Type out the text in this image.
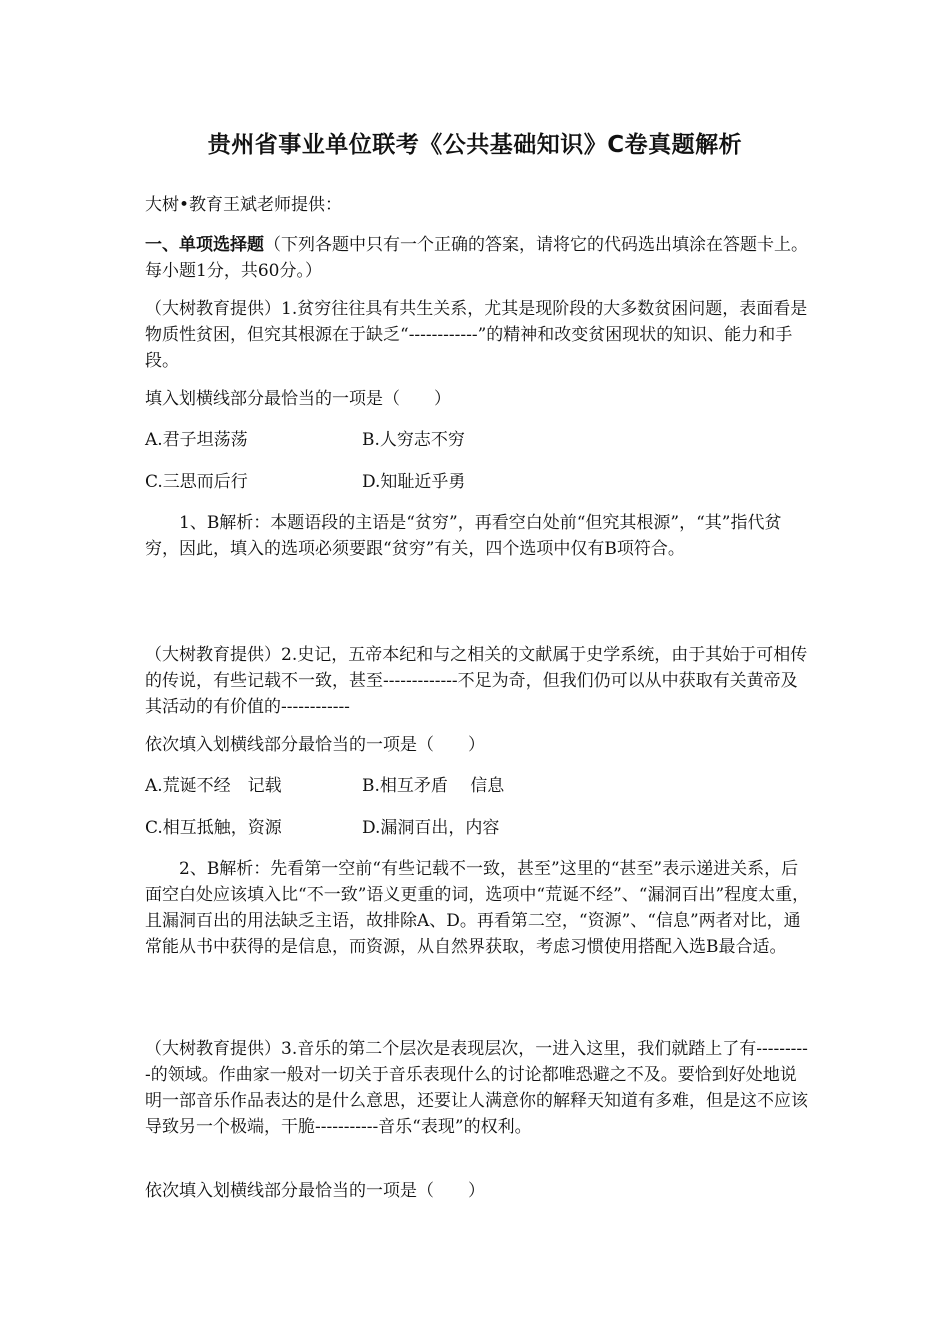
贵州省事业单位联考《公共基础知识》C卷真题解析

大树•教育王斌老师提供：

一、单项选择题（下列各题中只有一个正确的答案，请将它的代码选出填涂在答题卡上。每小题1分，共60分。）

（大树教育提供）1.贫穷往往具有共生关系，尤其是现阶段的大多数贫困问题，表面看是物质性贫困，但究其根源在于缺乏“------------”的精神和改变贫困现状的知识、能力和手段。

填入划横线部分最恰当的一项是（　　）

A.君子坦荡荡	B.人穷志不穷
C.三思而后行	D.知耻近乎勇

1、B解析：本题语段的主语是“贫穷”，再看空白处前“但究其根源”，“其”指代贫穷，因此，填入的选项必须要跟“贫穷”有关，四个选项中仅有B项符合。

（大树教育提供）2.史记，五帝本纪和与之相关的文献属于史学系统，由于其始于可相传的传说，有些记载不一致，甚至-------------不足为奇，但我们仍可以从中获取有关黄帝及其活动的有价值的------------

依次填入划横线部分最恰当的一项是（　　）

A.荒诞不经　记载	B.相互矛盾　 信息
C.相互抵触，资源	D.漏洞百出，内容

2、B解析：先看第一空前“有些记载不一致，甚至”这里的“甚至”表示递进关系，后面空白处应该填入比“不一致”语义更重的词，选项中“荒诞不经”、“漏洞百出”程度太重，且漏洞百出的用法缺乏主语，故排除A、D。再看第二空，“资源”、“信息”两者对比，通常能从书中获得的是信息，而资源，从自然界获取，考虑习惯使用搭配入选B最合适。

（大树教育提供）3.音乐的第二个层次是表现层次，一进入这里，我们就踏上了有----------的领域。作曲家一般对一切关于音乐表现什么的讨论都唯恐避之不及。要恰到好处地说明一部音乐作品表达的是什么意思，还要让人满意你的解释天知道有多难，但是这不应该导致另一个极端，干脆-----------音乐“表现”的权利。

依次填入划横线部分最恰当的一项是（　　）
